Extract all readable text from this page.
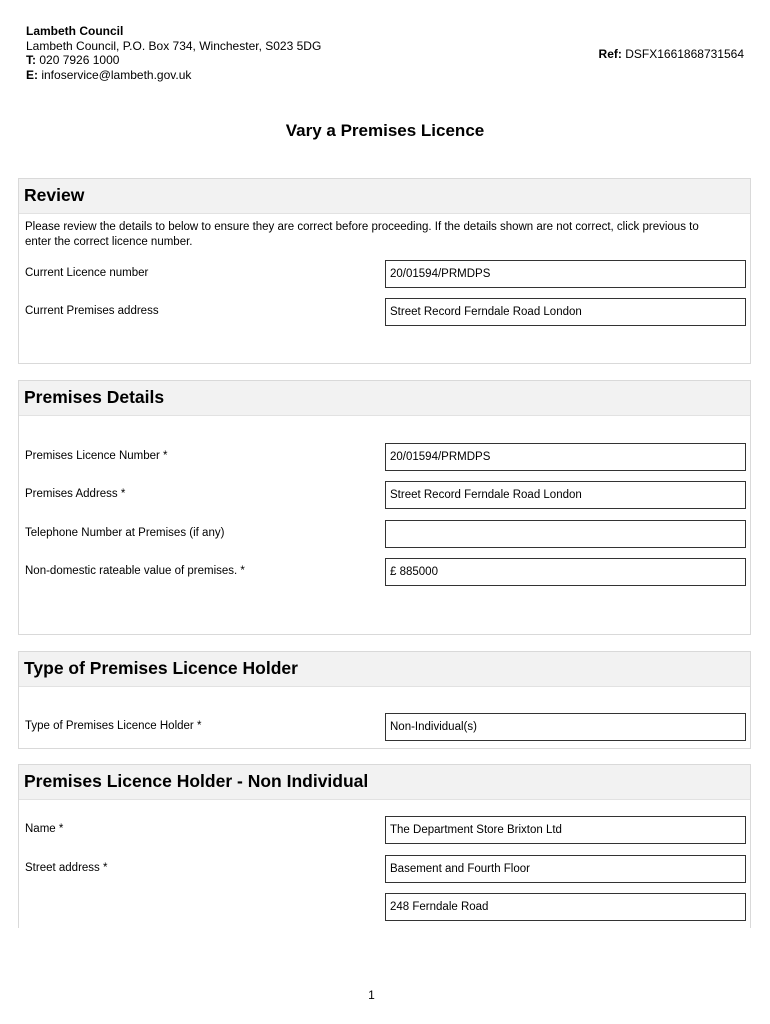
Lambeth Council
Lambeth Council, P.O. Box 734, Winchester, S023 5DG
T: 020 7926 1000
E: infoservice@lambeth.gov.uk
Ref: DSFX1661868731564
Vary a Premises Licence
Review
Please review the details to below to ensure they are correct before proceeding. If the details shown are not correct, click previous to enter the correct licence number.
Current Licence number	20/01594/PRMDPS
Current Premises address	Street Record Ferndale Road London
Premises Details
Premises Licence Number *	20/01594/PRMDPS
Premises Address *	Street Record Ferndale Road London
Telephone Number at Premises (if any)
Non-domestic rateable value of premises. *	£ 885000
Type of Premises Licence Holder
Type of Premises Licence Holder *	Non-Individual(s)
Premises Licence Holder - Non Individual
Name *	The Department Store Brixton Ltd
Street address *	Basement and Fourth Floor
248 Ferndale Road
1
